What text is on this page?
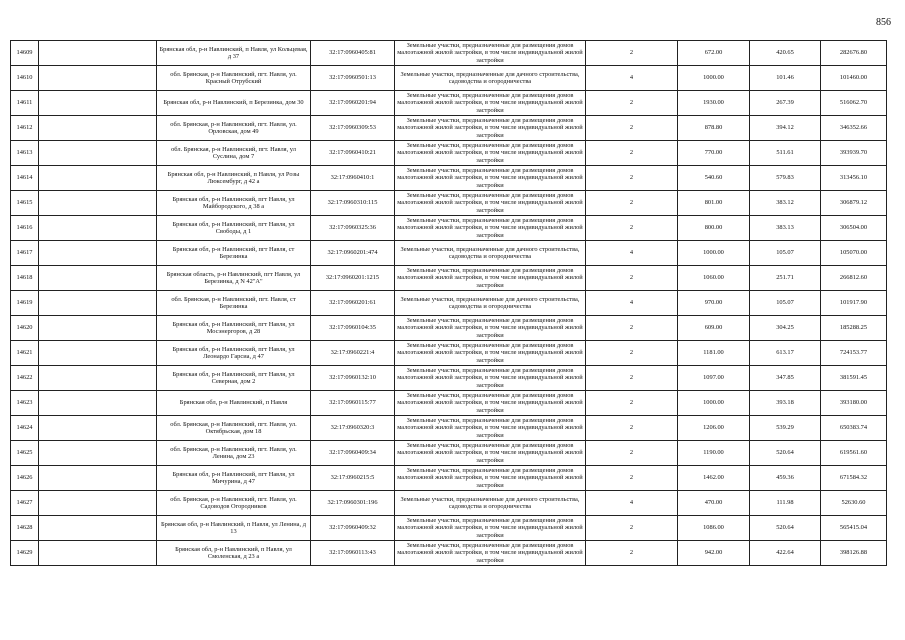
856
14609		Брянская обл, р-н Навлинский, п Навля, ул Кольцевая, д 37	32:17:0960405:81	Земельные участки, предназначенные для размещения домов малоэтажной жилой застройки, в том числе индивидуальной жилой застройки	2	672.00	420.65	282676.80
14610		обл. Брянская, р-н Навлинский, пгт. Навля, ул. Красный Отрубский	32:17:0960501:13	Земельные участки, предназначенные для дачного строительства, садоводства и огородничества	4	1000.00	101.46	101460.00
14611		Брянская обл, р-н Навлинский, п Березинка, дом 30	32:17:0960201:94	Земельные участки, предназначенные для размещения домов малоэтажной жилой застройки, в том числе индивидуальной жилой застройки	2	1930.00	267.39	516062.70
14612		обл. Брянская, р-н Навлинский, пгт. Навля, ул. Орловская, дом 49	32:17:0960309:53	Земельные участки, предназначенные для размещения домов малоэтажной жилой застройки, в том числе индивидуальной жилой застройки	2	878.80	394.12	346352.66
14613		обл. Брянская, р-н Навлинский, пгт. Навля, ул Суслина, дом 7	32:17:0960410:21	Земельные участки, предназначенные для размещения домов малоэтажной жилой застройки, в том числе индивидуальной жилой застройки	2	770.00	511.61	393939.70
14614		Брянская обл, р-н Навлинский, п Навля, ул Розы Люксембург, д 42 а	32:17:0960410:1	Земельные участки, предназначенные для размещения домов малоэтажной жилой застройки, в том числе индивидуальной жилой застройки	2	540.60	579.83	313456.10
14615		Брянская обл, р-н Навлинский, пгт Навля, ул Майбородского, д 38 а	32:17:0960310:115	Земельные участки, предназначенные для размещения домов малоэтажной жилой застройки, в том числе индивидуальной жилой застройки	2	801.00	383.12	306879.12
14616		Брянская обл, р-н Навлинский, пгт Навля, ул Свободы, д 1	32:17:0960325:36	Земельные участки, предназначенные для размещения домов малоэтажной жилой застройки, в том числе индивидуальной жилой застройки	2	800.00	383.13	306504.00
14617		Брянская обл, р-н Навлинский, пгт Навля, ст Березинка	32:17:0960201:474	Земельные участки, предназначенные для дачного строительства, садоводства и огородничества	4	1000.00	105.07	105070.00
14618		Брянская область, р-н Навлинский, пгт Навля, ул Березинка, д N 42"А"	32:17:0960201:1215	Земельные участки, предназначенные для размещения домов малоэтажной жилой застройки, в том числе индивидуальной жилой застройки	2	1060.00	251.71	266812.60
14619		обл. Брянская, р-н Навлинский, пгт. Навля, ст Березинка	32:17:0960201:61	Земельные участки, предназначенные для дачного строительства, садоводства и огородничества	4	970.00	105.07	101917.90
14620		Брянская обл, р-н Навлинский, пгт Навля, ул Мосэнергоров, д 28	32:17:0960104:35	Земельные участки, предназначенные для размещения домов малоэтажной жилой застройки, в том числе индивидуальной жилой застройки	2	609.00	304.25	185288.25
14621		Брянская обл, р-н Навлинский, пгт Навля, ул Леонардо Гарсиа, д 47	32:17:0960221:4	Земельные участки, предназначенные для размещения домов малоэтажной жилой застройки, в том числе индивидуальной жилой застройки	2	1181.00	613.17	724153.77
14622		Брянская обл, р-н Навлинский, пгт Навля, ул Северная, дом 2	32:17:0960132:10	Земельные участки, предназначенные для размещения домов малоэтажной жилой застройки, в том числе индивидуальной жилой застройки	2	1097.00	347.85	381591.45
14623		Брянская обл, р-н Навлинский, п Навля	32:17:0960115:77	Земельные участки, предназначенные для размещения домов малоэтажной жилой застройки, в том числе индивидуальной жилой застройки	2	1000.00	393.18	393180.00
14624		обл. Брянская, р-н Навлинский, пгт. Навля, ул. Октябрьская, дом 18	32:17:0960320:3	Земельные участки, предназначенные для размещения домов малоэтажной жилой застройки, в том числе индивидуальной жилой застройки	2	1206.00	539.29	650383.74
14625		обл. Брянская, р-н Навлинский, пгт. Навля, ул. Ленина, дом 23	32:17:0960409:34	Земельные участки, предназначенные для размещения домов малоэтажной жилой застройки, в том числе индивидуальной жилой застройки	2	1190.00	520.64	619561.60
14626		Брянская обл, р-н Навлинский, пгт Навля, ул Мичурина, д 47	32:17:0960215:5	Земельные участки, предназначенные для размещения домов малоэтажной жилой застройки, в том числе индивидуальной жилой застройки	2	1462.00	459.36	671584.32
14627		обл. Брянская, р-н Навлинский, пгт. Навля, ул. Садоводов Огородников	32:17:0960301:196	Земельные участки, предназначенные для дачного строительства, садоводства и огородничества	4	470.00	111.98	52630.60
14628		Брянская обл, р-н Навлинский, п Навля, ул Ленина, д 13	32:17:0960409:32	Земельные участки, предназначенные для размещения домов малоэтажной жилой застройки, в том числе индивидуальной жилой застройки	2	1086.00	520.64	565415.04
14629		Брянская обл, р-н Навлинский, п Навля, ул Смоленская, д 23 а	32:17:0960113:43	Земельные участки, предназначенные для размещения домов малоэтажной жилой застройки, в том числе индивидуальной жилой застройки	2	942.00	422.64	398126.88
